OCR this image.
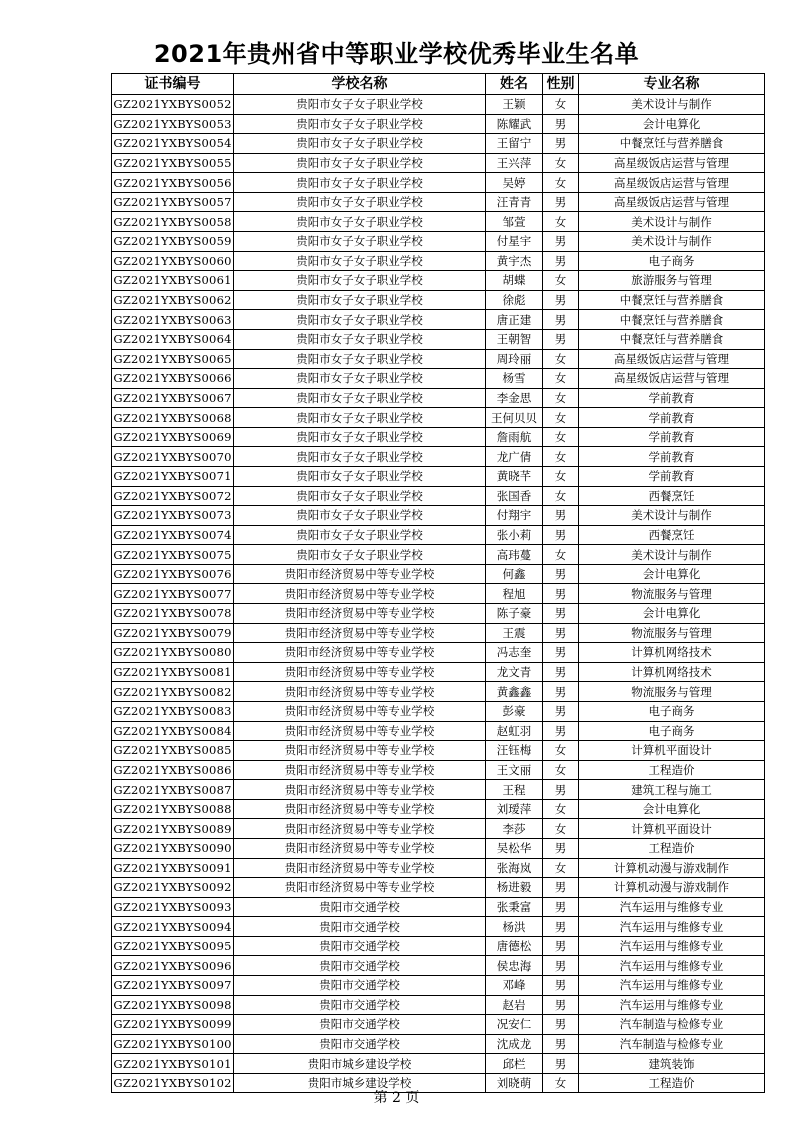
2021年贵州省中等职业学校优秀毕业生名单
证书编号	学校名称	姓名	性别	专业名称
GZ2021YXBYS0052	贵阳市女子女子职业学校	王颖	女	美术设计与制作
GZ2021YXBYS0053	贵阳市女子女子职业学校	陈耀武	男	会计电算化
GZ2021YXBYS0054	贵阳市女子女子职业学校	王留宁	男	中餐烹饪与营养膳食
GZ2021YXBYS0055	贵阳市女子女子职业学校	王兴萍	女	高星级饭店运营与管理
GZ2021YXBYS0056	贵阳市女子女子职业学校	吴婷	女	高星级饭店运营与管理
GZ2021YXBYS0057	贵阳市女子女子职业学校	汪青青	男	高星级饭店运营与管理
GZ2021YXBYS0058	贵阳市女子女子职业学校	邹萱	女	美术设计与制作
GZ2021YXBYS0059	贵阳市女子女子职业学校	付星宇	男	美术设计与制作
GZ2021YXBYS0060	贵阳市女子女子职业学校	黄宇杰	男	电子商务
GZ2021YXBYS0061	贵阳市女子女子职业学校	胡蝶	女	旅游服务与管理
GZ2021YXBYS0062	贵阳市女子女子职业学校	徐彪	男	中餐烹饪与营养膳食
GZ2021YXBYS0063	贵阳市女子女子职业学校	唐正建	男	中餐烹饪与营养膳食
GZ2021YXBYS0064	贵阳市女子女子职业学校	王朝智	男	中餐烹饪与营养膳食
GZ2021YXBYS0065	贵阳市女子女子职业学校	周玲丽	女	高星级饭店运营与管理
GZ2021YXBYS0066	贵阳市女子女子职业学校	杨雪	女	高星级饭店运营与管理
GZ2021YXBYS0067	贵阳市女子女子职业学校	李金思	女	学前教育
GZ2021YXBYS0068	贵阳市女子女子职业学校	王何贝贝	女	学前教育
GZ2021YXBYS0069	贵阳市女子女子职业学校	詹雨航	女	学前教育
GZ2021YXBYS0070	贵阳市女子女子职业学校	龙广倩	女	学前教育
GZ2021YXBYS0071	贵阳市女子女子职业学校	黄晓芊	女	学前教育
GZ2021YXBYS0072	贵阳市女子女子职业学校	张国香	女	西餐烹饪
GZ2021YXBYS0073	贵阳市女子女子职业学校	付翔宇	男	美术设计与制作
GZ2021YXBYS0074	贵阳市女子女子职业学校	张小莉	男	西餐烹饪
GZ2021YXBYS0075	贵阳市女子女子职业学校	高玮蔓	女	美术设计与制作
GZ2021YXBYS0076	贵阳市经济贸易中等专业学校	何鑫	男	会计电算化
GZ2021YXBYS0077	贵阳市经济贸易中等专业学校	程旭	男	物流服务与管理
GZ2021YXBYS0078	贵阳市经济贸易中等专业学校	陈子豪	男	会计电算化
GZ2021YXBYS0079	贵阳市经济贸易中等专业学校	王震	男	物流服务与管理
GZ2021YXBYS0080	贵阳市经济贸易中等专业学校	冯志奎	男	计算机网络技术
GZ2021YXBYS0081	贵阳市经济贸易中等专业学校	龙文青	男	计算机网络技术
GZ2021YXBYS0082	贵阳市经济贸易中等专业学校	黄鑫鑫	男	物流服务与管理
GZ2021YXBYS0083	贵阳市经济贸易中等专业学校	彭豪	男	电子商务
GZ2021YXBYS0084	贵阳市经济贸易中等专业学校	赵虹羽	男	电子商务
GZ2021YXBYS0085	贵阳市经济贸易中等专业学校	汪钰梅	女	计算机平面设计
GZ2021YXBYS0086	贵阳市经济贸易中等专业学校	王文丽	女	工程造价
GZ2021YXBYS0087	贵阳市经济贸易中等专业学校	王程	男	建筑工程与施工
GZ2021YXBYS0088	贵阳市经济贸易中等专业学校	刘瑷萍	女	会计电算化
GZ2021YXBYS0089	贵阳市经济贸易中等专业学校	李莎	女	计算机平面设计
GZ2021YXBYS0090	贵阳市经济贸易中等专业学校	吴松华	男	工程造价
GZ2021YXBYS0091	贵阳市经济贸易中等专业学校	张海岚	女	计算机动漫与游戏制作
GZ2021YXBYS0092	贵阳市经济贸易中等专业学校	杨进毅	男	计算机动漫与游戏制作
GZ2021YXBYS0093	贵阳市交通学校	张秉富	男	汽车运用与维修专业
GZ2021YXBYS0094	贵阳市交通学校	杨洪	男	汽车运用与维修专业
GZ2021YXBYS0095	贵阳市交通学校	唐德松	男	汽车运用与维修专业
GZ2021YXBYS0096	贵阳市交通学校	侯忠海	男	汽车运用与维修专业
GZ2021YXBYS0097	贵阳市交通学校	邓峰	男	汽车运用与维修专业
GZ2021YXBYS0098	贵阳市交通学校	赵岩	男	汽车运用与维修专业
GZ2021YXBYS0099	贵阳市交通学校	况安仁	男	汽车制造与检修专业
GZ2021YXBYS0100	贵阳市交通学校	沈成龙	男	汽车制造与检修专业
GZ2021YXBYS0101	贵阳市城乡建设学校	邱栏	男	建筑装饰
GZ2021YXBYS0102	贵阳市城乡建设学校	刘晓萌	女	工程造价
第 2 页
